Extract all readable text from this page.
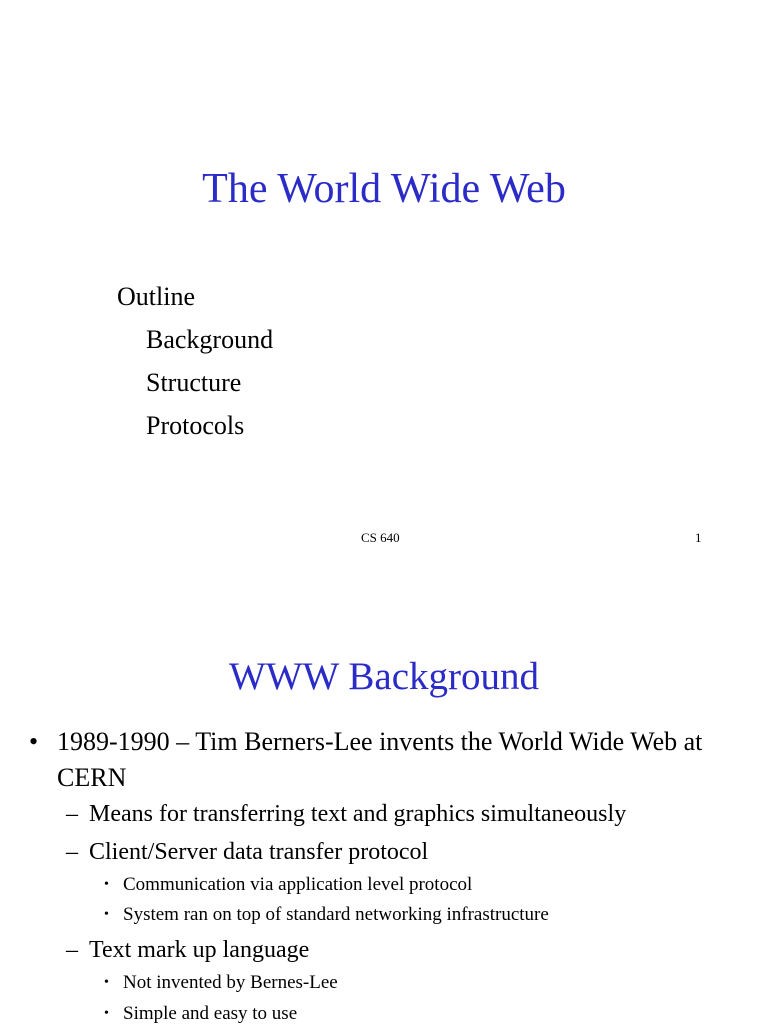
The World Wide Web
Outline
Background
Structure
Protocols
CS 640	1
WWW Background
• 1989-1990 – Tim Berners-Lee invents the World Wide Web at CERN
– Means for transferring text and graphics simultaneously
– Client/Server data transfer protocol
• Communication via application level protocol
• System ran on top of standard networking infrastructure
– Text mark up language
• Not invented by Bernes-Lee
• Simple and easy to use
